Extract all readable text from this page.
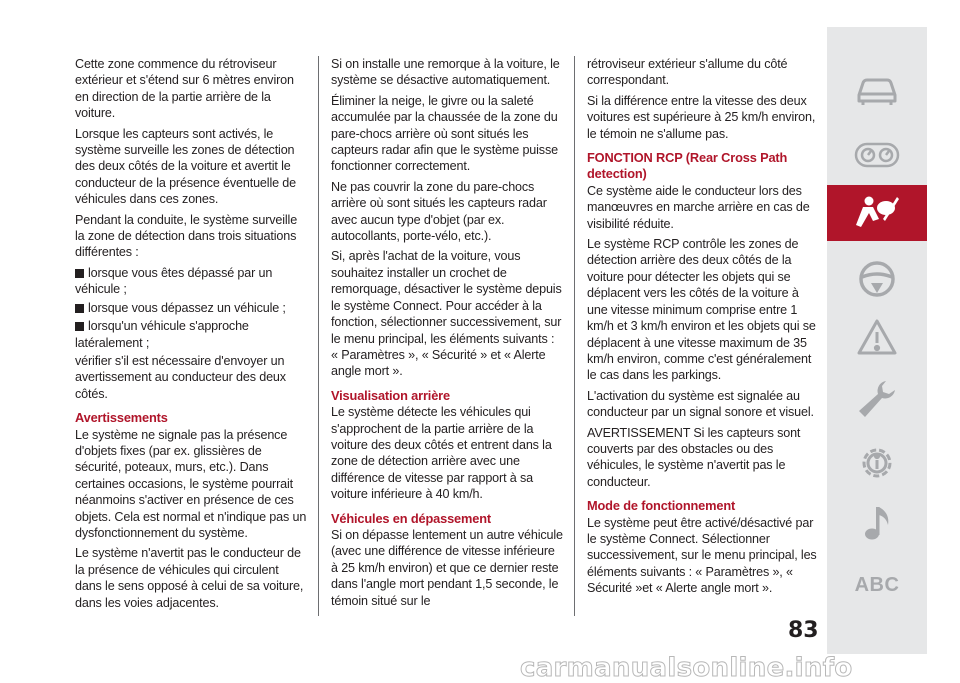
Cette zone commence du rétroviseur extérieur et s'étend sur 6 mètres environ en direction de la partie arrière de la voiture.

Lorsque les capteurs sont activés, le système surveille les zones de détection des deux côtés de la voiture et avertit le conducteur de la présence éventuelle de véhicules dans ces zones.

Pendant la conduite, le système surveille la zone de détection dans trois situations différentes :

lorsque vous êtes dépassé par un véhicule ;

lorsque vous dépassez un véhicule ;

lorsqu'un véhicule s'approche latéralement ;

vérifier s'il est nécessaire d'envoyer un avertissement au conducteur des deux côtés.

Avertissements

Le système ne signale pas la présence d'objets fixes (par ex. glissières de sécurité, poteaux, murs, etc.). Dans certaines occasions, le système pourrait néanmoins s'activer en présence de ces objets. Cela est normal et n'indique pas un dysfonctionnement du système.

Le système n'avertit pas le conducteur de la présence de véhicules qui circulent dans le sens opposé à celui de sa voiture, dans les voies adjacentes.

Si on installe une remorque à la voiture, le système se désactive automatiquement.

Éliminer la neige, le givre ou la saleté accumulée par la chaussée de la zone du pare-chocs arrière où sont situés les capteurs radar afin que le système puisse fonctionner correctement.

Ne pas couvrir la zone du pare-chocs arrière où sont situés les capteurs radar avec aucun type d'objet (par ex. autocollants, porte-vélo, etc.).

Si, après l'achat de la voiture, vous souhaitez installer un crochet de remorquage, désactiver le système depuis le système Connect. Pour accéder à la fonction, sélectionner successivement, sur le menu principal, les éléments suivants : « Paramètres », « Sécurité » et « Alerte angle mort ».

Visualisation arrière

Le système détecte les véhicules qui s'approchent de la partie arrière de la voiture des deux côtés et entrent dans la zone de détection arrière avec une différence de vitesse par rapport à sa voiture inférieure à 40 km/h.

Véhicules en dépassement

Si on dépasse lentement un autre véhicule (avec une différence de vitesse inférieure à 25 km/h environ) et que ce dernier reste dans l'angle mort pendant 1,5 seconde, le témoin situé sur le

rétroviseur extérieur s'allume du côté correspondant.

Si la différence entre la vitesse des deux voitures est supérieure à 25 km/h environ, le témoin ne s'allume pas.

FONCTION RCP (Rear Cross Path detection)

Ce système aide le conducteur lors des manœuvres en marche arrière en cas de visibilité réduite.

Le système RCP contrôle les zones de détection arrière des deux côtés de la voiture pour détecter les objets qui se déplacent vers les côtés de la voiture à une vitesse minimum comprise entre 1 km/h et 3 km/h environ et les objets qui se déplacent à une vitesse maximum de 35 km/h environ, comme c'est généralement le cas dans les parkings.

L'activation du système est signalée au conducteur par un signal sonore et visuel.

AVERTISSEMENT Si les capteurs sont couverts par des obstacles ou des véhicules, le système n'avertit pas le conducteur.

Mode de fonctionnement

Le système peut être activé/désactivé par le système Connect. Sélectionner successivement, sur le menu principal, les éléments suivants : « Paramètres », « Sécurité »et « Alerte angle mort ».	ABC
83
carmanualsonline.info
